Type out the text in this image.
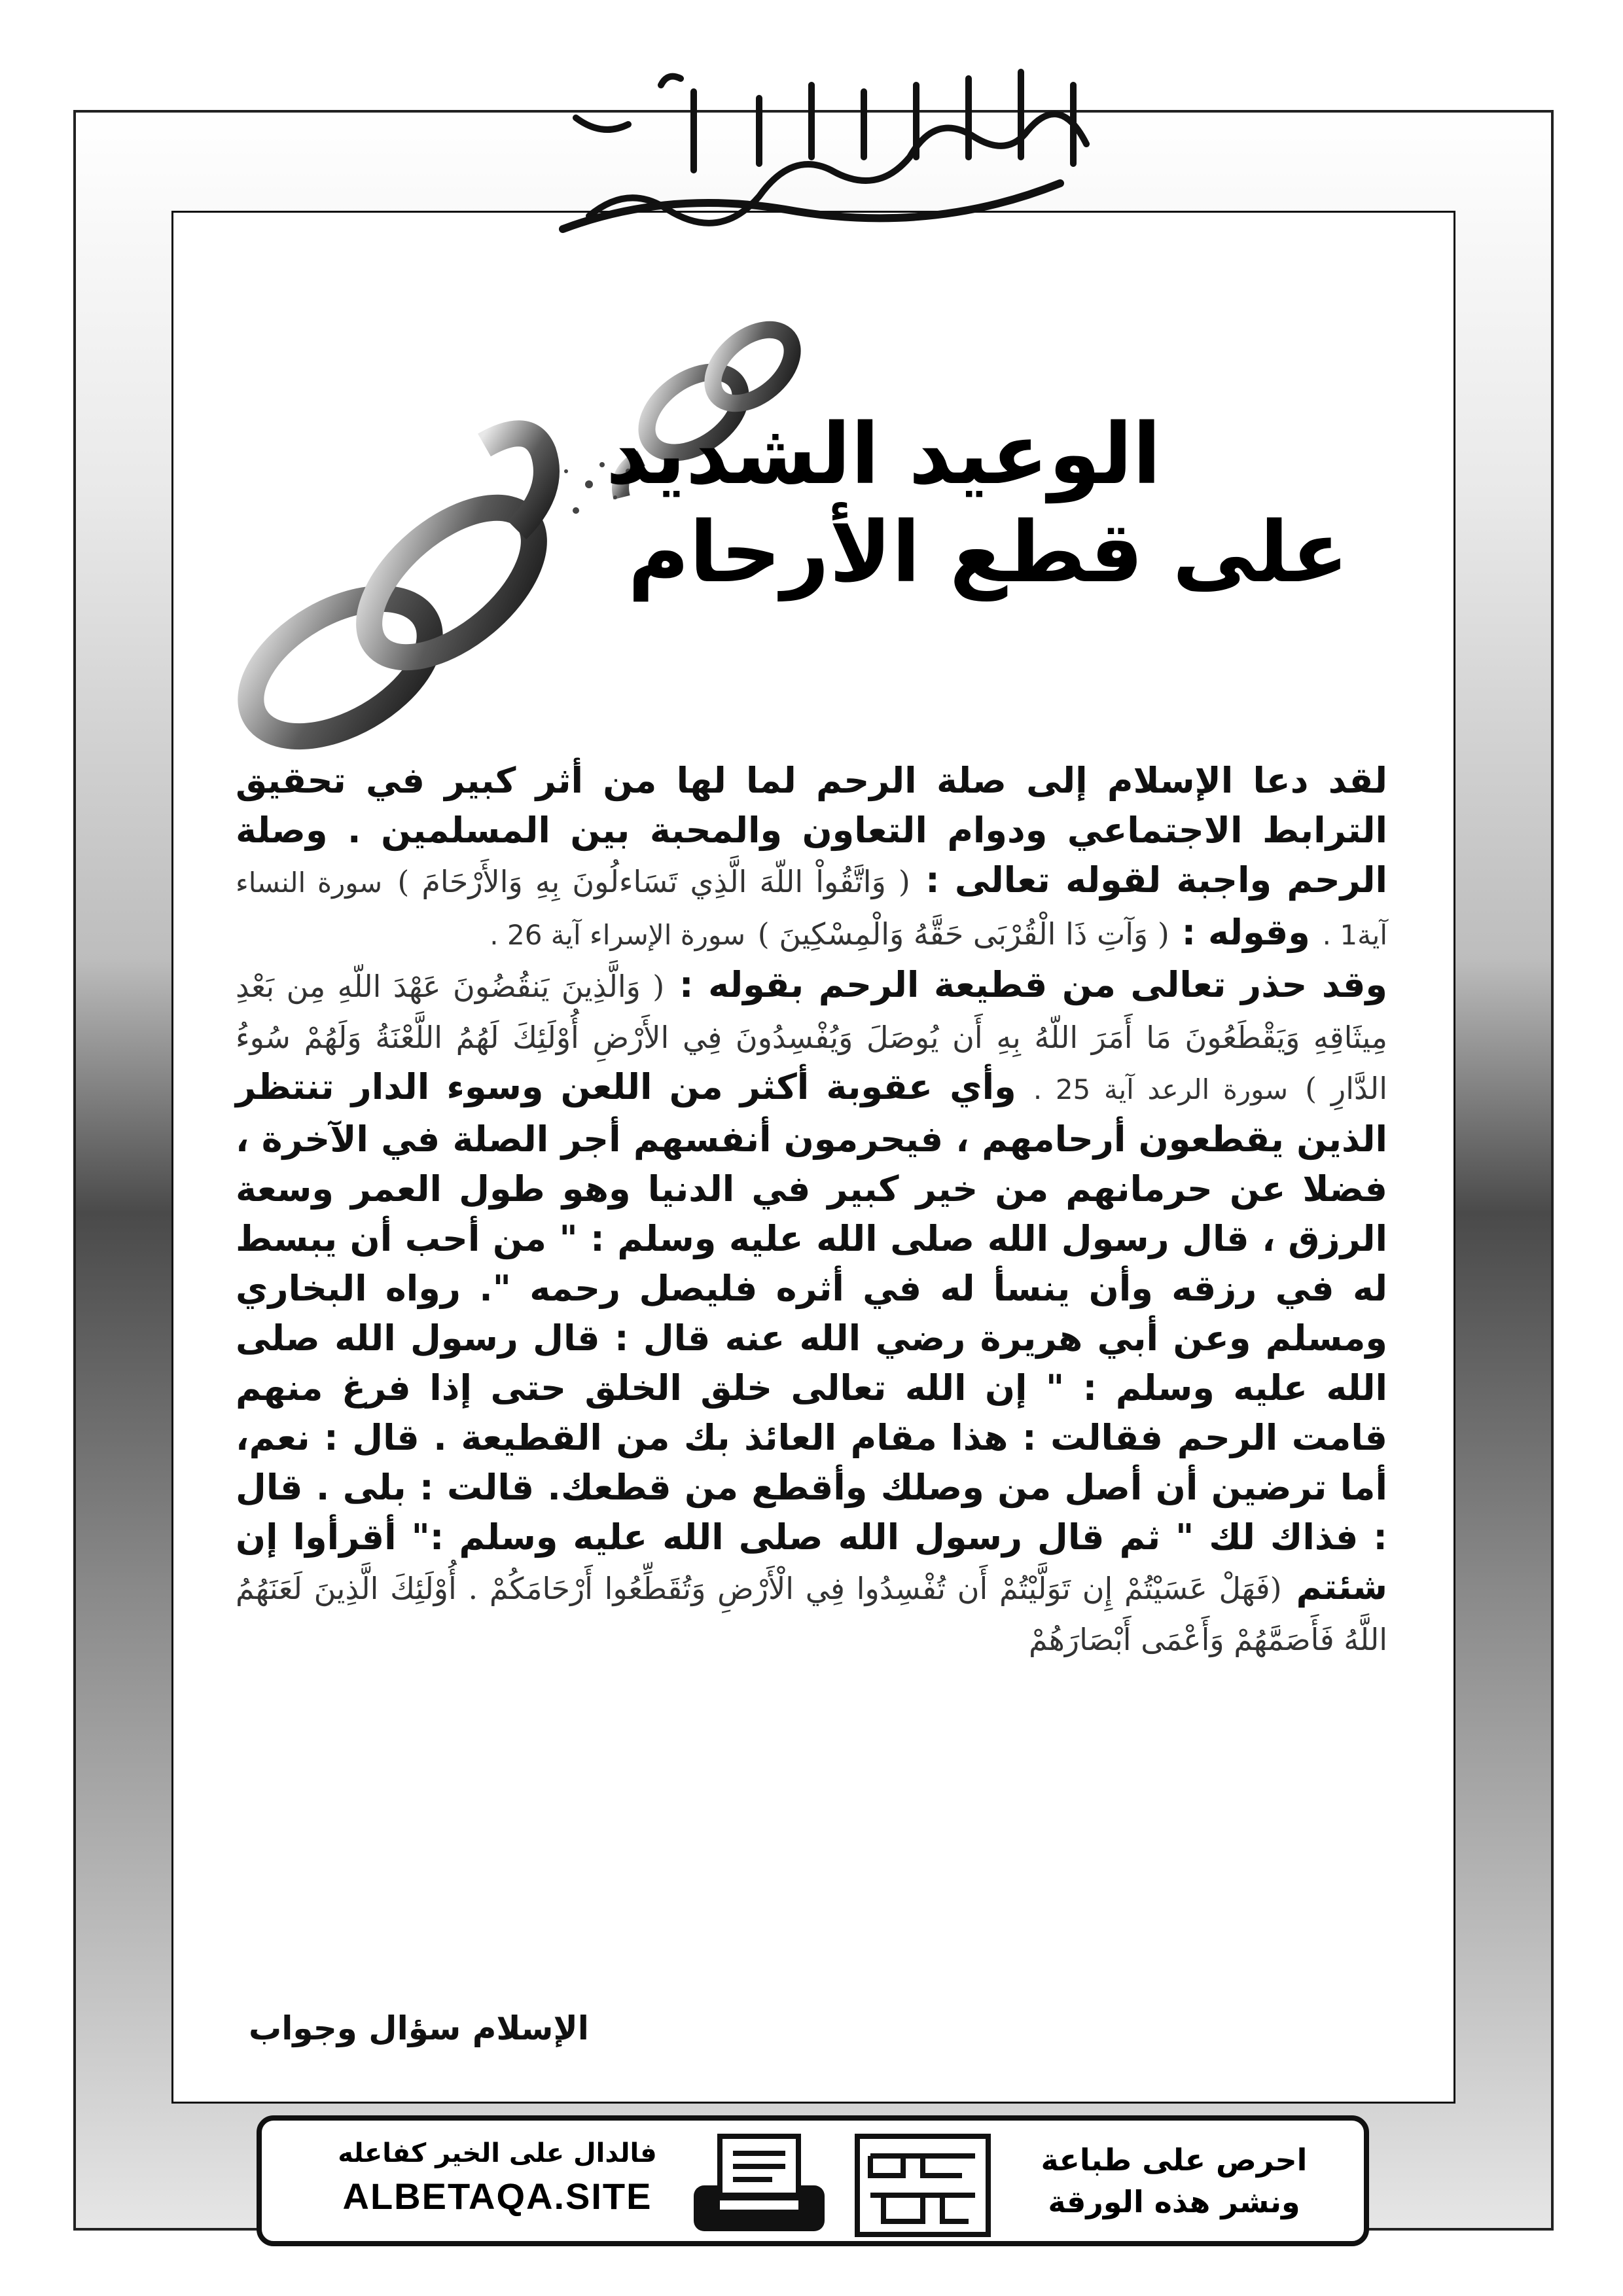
الوعيد الشديد
على قطع الأرحام

لقد دعا الإسلام إلى صلة الرحم لما لها من أثر كبير في تحقيق الترابط الاجتماعي ودوام التعاون والمحبة بين المسلمين . وصلة الرحم واجبة لقوله تعالى : ( وَاتَّقُواْ اللّهَ الَّذِي تَسَاءلُونَ بِهِ وَالأَرْحَامَ ) سورة النساء آية1 . وقوله : ( وَآتِ ذَا الْقُرْبَى حَقَّهُ وَالْمِسْكِينَ ) سورة الإسراء آية 26 .
وقد حذر تعالى من قطيعة الرحم بقوله : ( وَالَّذِينَ يَنقُضُونَ عَهْدَ اللّهِ مِن بَعْدِ مِيثَاقِهِ وَيَقْطَعُونَ مَا أَمَرَ اللّهُ بِهِ أَن يُوصَلَ وَيُفْسِدُونَ فِي الأَرْضِ أُوْلَئِكَ لَهُمُ اللَّعْنَةُ وَلَهُمْ سُوءُ الدَّارِ ) سورة الرعد آية 25 . وأي عقوبة أكثر من اللعن وسوء الدار تنتظر الذين يقطعون أرحامهم ، فيحرمون أنفسهم أجر الصلة في الآخرة ، فضلا عن حرمانهم من خير كبير في الدنيا وهو طول العمر وسعة الرزق ، قال رسول الله صلى الله عليه وسلم : " من أحب أن يبسط له في رزقه وأن ينسأ له في أثره فليصل رحمه ". رواه البخاري ومسلم وعن أبي هريرة رضي الله عنه قال : قال رسول الله صلى الله عليه وسلم : " إن الله تعالى خلق الخلق حتى إذا فرغ منهم قامت الرحم فقالت : هذا مقام العائذ بك من القطيعة . قال : نعم، أما ترضين أن أصل من وصلك وأقطع من قطعك. قالت : بلى . قال : فذاك لك " ثم قال رسول الله صلى الله عليه وسلم :" أقرأوا إن شئتم (فَهَلْ عَسَيْتُمْ إِن تَوَلَّيْتُمْ أَن تُفْسِدُوا فِي الْأَرْضِ وَتُقَطِّعُوا أَرْحَامَكُمْ . أُوْلَئِكَ الَّذِينَ لَعَنَهُمُ اللَّهُ فَأَصَمَّهُمْ وَأَعْمَى أَبْصَارَهُمْ

الإسلام سؤال وجواب
فالدال على الخير كفاعله
ALBETAQA.SITE
احرص على طباعة
ونشر هذه الورقة
